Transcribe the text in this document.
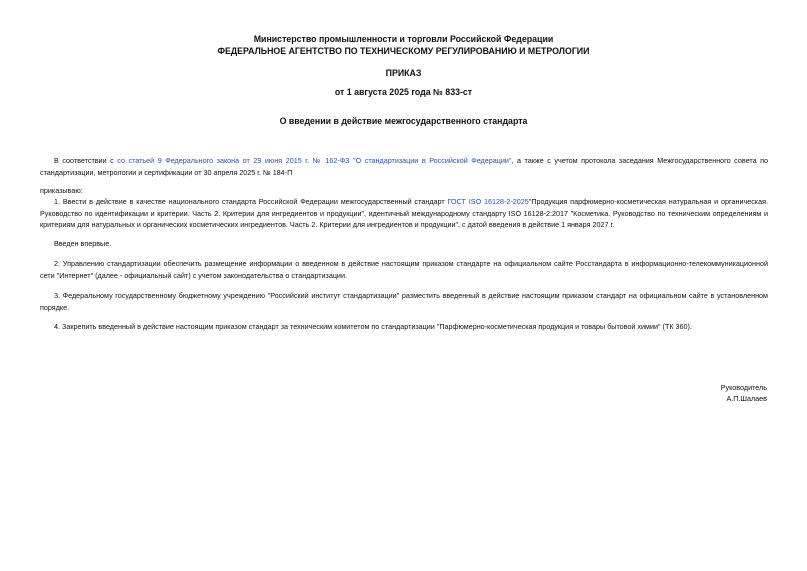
Министерство промышленности и торговли Российской Федерации
ФЕДЕРАЛЬНОЕ АГЕНТСТВО ПО ТЕХНИЧЕСКОМУ РЕГУЛИРОВАНИЮ И МЕТРОЛОГИИ
ПРИКАЗ
от 1 августа 2025 года № 833-ст
О введении в действие межгосударственного стандарта
В соответствии с со статьей 9 Федерального закона от 29 июня 2015 г. № 162-ФЗ "О стандартизации в Российской Федерации", а также с учетом протокола заседания Межгосударственного совета по стандартизации, метрологии и сертификации от 30 апреля 2025 г. № 184-П
приказываю:
1. Ввести в действие в качестве национального стандарта Российской Федерации межгосударственный стандарт ГОСТ ISO 16128-2-2025"Продукция парфюмерно-косметическая натуральная и органическая. Руководство по идентификации и критерии. Часть 2. Критерии для ингредиентов и продукции", идентичный международному стандарту ISO 16128-2:2017 "Косметика. Руководство по техническим определениям и критериям для натуральных и органических косметических ингредиентов. Часть 2. Критерии для ингредиентов и продукции", с датой введения в действие 1 января 2027 г.
Введен впервые.
2. Управлению стандартизации обеспечить размещение информации о введенном в действие настоящим приказом стандарте на официальном сайте Росстандарта в информационно-телекоммуникационной сети "Интернет" (далее - официальный сайт) с учетом законодательства о стандартизации.
3. Федеральному государственному бюджетному учреждению "Российский институт стандартизации" разместить введенный в действие настоящим приказом стандарт на официальном сайте в установленном порядке.
4. Закрепить введенный в действие настоящим приказом стандарт за техническим комитетом по стандартизации "Парфюмерно-косметическая продукция и товары бытовой химии" (ТК 360).
Руководитель
А.П.Шалаев
